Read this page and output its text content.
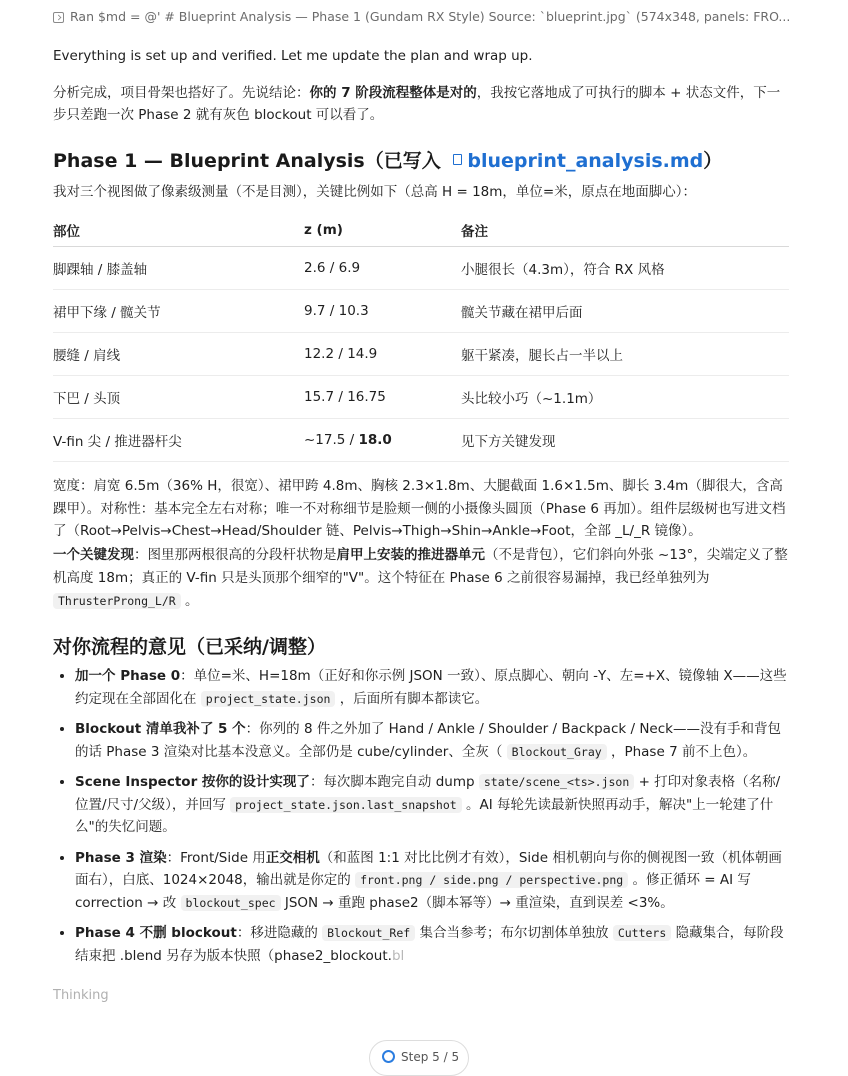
Ran $md = @' # Blueprint Analysis — Phase 1 (Gundam RX Style) Source: `blueprint.jpg` (574x348, panels: FRO...

Everything is set up and verified. Let me update the plan and wrap up.

分析完成，项目骨架也搭好了。先说结论：你的 7 阶段流程整体是对的，我按它落地成了可执行的脚本 + 状态文件，下一步只差跑一次 Phase 2 就有灰色 blockout 可以看了。

Phase 1 — Blueprint Analysis（已写入 blueprint_analysis.md）

我对三个视图做了像素级测量（不是目测），关键比例如下（总高 H = 18m，单位=米，原点在地面脚心）：

部位	z (m)	备注
脚踝轴 / 膝盖轴	2.6 / 6.9	小腿很长（4.3m），符合 RX 风格
裙甲下缘 / 髋关节	9.7 / 10.3	髋关节藏在裙甲后面
腰缝 / 肩线	12.2 / 14.9	躯干紧凑，腿长占一半以上
下巴 / 头顶	15.7 / 16.75	头比较小巧（~1.1m）
V-fin 尖 / 推进器杆尖	~17.5 / 18.0	见下方关键发现

宽度：肩宽 6.5m（36% H，很宽）、裙甲跨 4.8m、胸核 2.3×1.8m、大腿截面 1.6×1.5m、脚长 3.4m（脚很大，含高踝甲）。对称性：基本完全左右对称；唯一不对称细节是脸颊一侧的小摄像头圆顶（Phase 6 再加）。组件层级树也写进文档了（Root→Pelvis→Chest→Head/Shoulder 链、Pelvis→Thigh→Shin→Ankle→Foot，全部 _L/_R 镜像）。

一个关键发现：图里那两根很高的分段杆状物是肩甲上安装的推进器单元（不是背包），它们斜向外张 ~13°，尖端定义了整机高度 18m；真正的 V-fin 只是头顶那个细窄的"V"。这个特征在 Phase 6 之前很容易漏掉，我已经单独列为 ThrusterProng_L/R 。

对你流程的意见（已采纳/调整）
• 加一个 Phase 0：单位=米、H=18m（正好和你示例 JSON 一致）、原点脚心、朝向 -Y、左=+X、镜像轴 X——这些约定现在全部固化在 project_state.json ，后面所有脚本都读它。
• Blockout 清单我补了 5 个：你列的 8 件之外加了 Hand / Ankle / Shoulder / Backpack / Neck——没有手和背包的话 Phase 3 渲染对比基本没意义。全部仍是 cube/cylinder、全灰（ Blockout_Gray ，Phase 7 前不上色）。
• Scene Inspector 按你的设计实现了：每次脚本跑完自动 dump state/scene_<ts>.json + 打印对象表格（名称/位置/尺寸/父级），并回写 project_state.json.last_snapshot 。AI 每轮先读最新快照再动手，解决"上一轮建了什么"的失忆问题。
• Phase 3 渲染：Front/Side 用正交相机（和蓝图 1:1 对比比例才有效），Side 相机朝向与你的侧视图一致（机体朝画面右），白底、1024×2048，输出就是你定的 front.png / side.png / perspective.png 。修正循环 = AI 写 correction → 改 blockout_spec JSON → 重跑 phase2（脚本幂等）→ 重渲染，直到误差 <3%。
• Phase 4 不删 blockout：移进隐藏的 Blockout_Ref 集合当参考；布尔切割体单独放 Cutters 隐藏集合，每阶段结束把 .blend 另存为版本快照（phase2_blockout.bl
Thinking
Step 5 / 5
